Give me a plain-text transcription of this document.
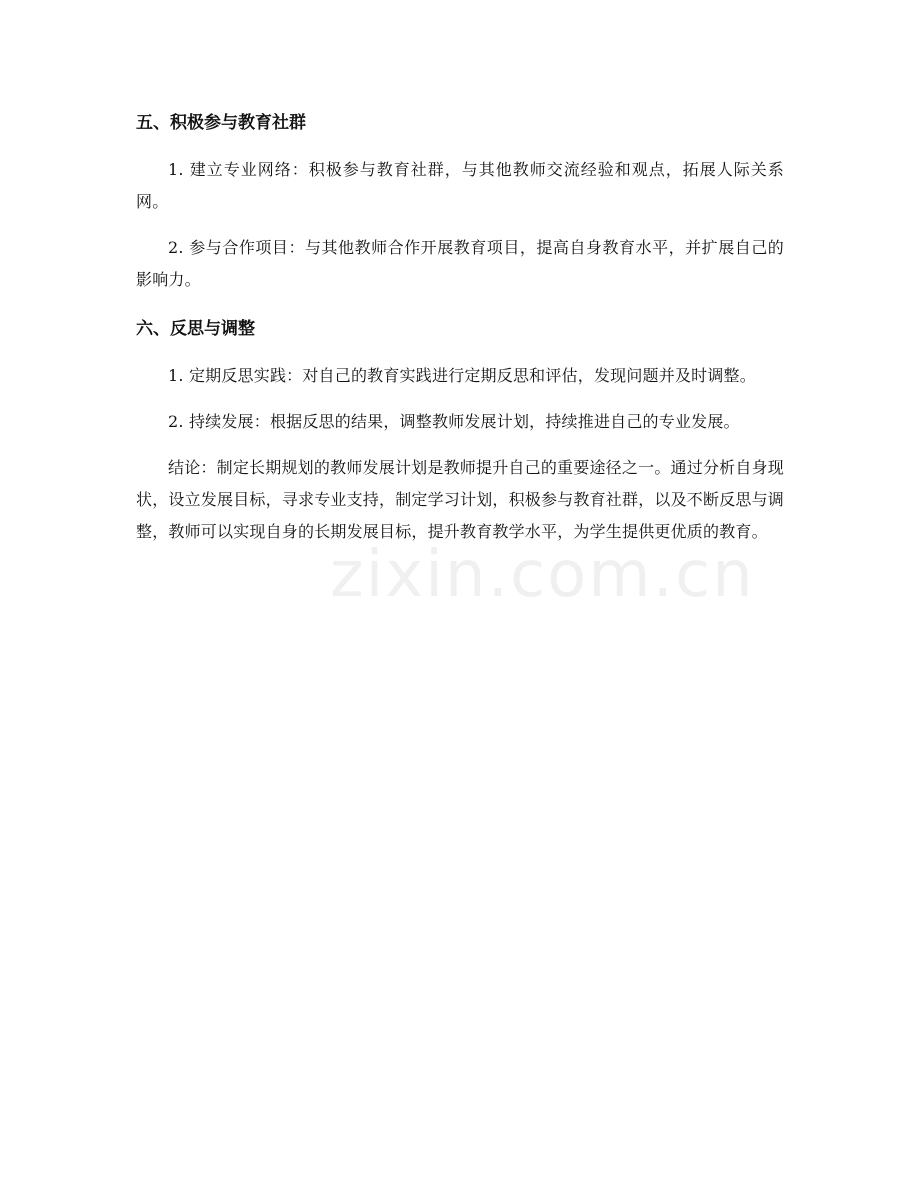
五、积极参与教育社群

1. 建立专业网络：积极参与教育社群，与其他教师交流经验和观点，拓展人际关系网。

2. 参与合作项目：与其他教师合作开展教育项目，提高自身教育水平，并扩展自己的影响力。

六、反思与调整

1. 定期反思实践：对自己的教育实践进行定期反思和评估，发现问题并及时调整。

2. 持续发展：根据反思的结果，调整教师发展计划，持续推进自己的专业发展。

结论：制定长期规划的教师发展计划是教师提升自己的重要途径之一。通过分析自身现状，设立发展目标，寻求专业支持，制定学习计划，积极参与教育社群，以及不断反思与调整，教师可以实现自身的长期发展目标，提升教育教学水平，为学生提供更优质的教育。

zixin.com.cn
